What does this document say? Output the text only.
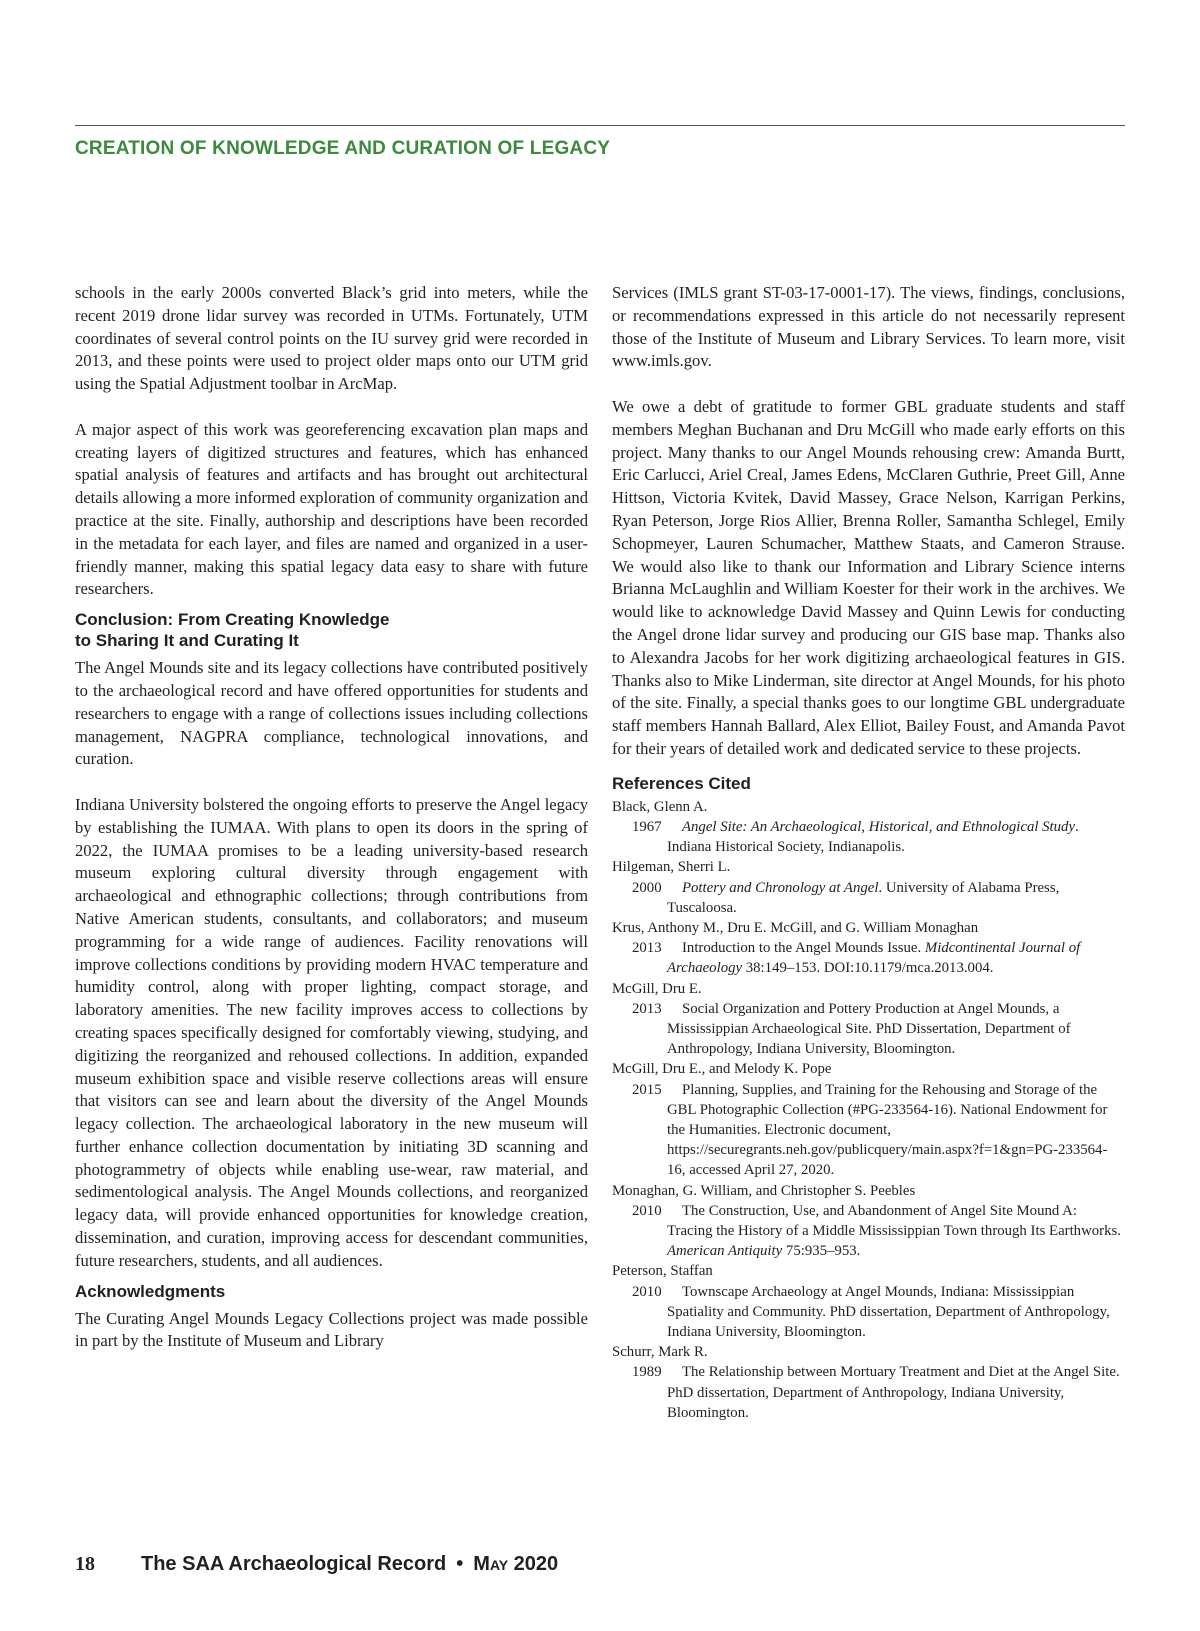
CREATION OF KNOWLEDGE AND CURATION OF LEGACY

schools in the early 2000s converted Black’s grid into meters, while the recent 2019 drone lidar survey was recorded in UTMs. Fortunately, UTM coordinates of several control points on the IU survey grid were recorded in 2013, and these points were used to project older maps onto our UTM grid using the Spatial Adjustment toolbar in ArcMap.

A major aspect of this work was georeferencing excavation plan maps and creating layers of digitized structures and features, which has enhanced spatial analysis of features and artifacts and has brought out architectural details allowing a more informed exploration of community organization and practice at the site. Finally, authorship and descriptions have been recorded in the metadata for each layer, and files are named and organized in a user-friendly manner, making this spatial legacy data easy to share with future researchers.

Conclusion: From Creating Knowledge
to Sharing It and Curating It

The Angel Mounds site and its legacy collections have contributed positively to the archaeological record and have offered opportunities for students and researchers to engage with a range of collections issues including collections management, NAGPRA compliance, technological innovations, and curation.

Indiana University bolstered the ongoing efforts to preserve the Angel legacy by establishing the IUMAA. With plans to open its doors in the spring of 2022, the IUMAA promises to be a leading university-based research museum exploring cultural diversity through engagement with archaeological and ethnographic collections; through contributions from Native American students, consultants, and collaborators; and museum programming for a wide range of audiences. Facility renovations will improve collections conditions by providing modern HVAC temperature and humidity control, along with proper lighting, compact storage, and laboratory amenities. The new facility improves access to collections by creating spaces specifically designed for comfortably viewing, studying, and digitizing the reorganized and rehoused collections. In addition, expanded museum exhibition space and visible reserve collections areas will ensure that visitors can see and learn about the diversity of the Angel Mounds legacy collection. The archaeological laboratory in the new museum will further enhance collection documentation by initiating 3D scanning and photogrammetry of objects while enabling use-wear, raw material, and sedimentological analysis. The Angel Mounds collections, and reorganized legacy data, will provide enhanced opportunities for knowledge creation, dissemination, and curation, improving access for descendant communities, future researchers, students, and all audiences.

Acknowledgments

The Curating Angel Mounds Legacy Collections project was made possible in part by the Institute of Museum and Library

Services (IMLS grant ST-03-17-0001-17). The views, findings, conclusions, or recommendations expressed in this article do not necessarily represent those of the Institute of Museum and Library Services. To learn more, visit www.imls.gov.

We owe a debt of gratitude to former GBL graduate students and staff members Meghan Buchanan and Dru McGill who made early efforts on this project. Many thanks to our Angel Mounds rehousing crew: Amanda Burtt, Eric Carlucci, Ariel Creal, James Edens, McClaren Guthrie, Preet Gill, Anne Hittson, Victoria Kvitek, David Massey, Grace Nelson, Karrigan Perkins, Ryan Peterson, Jorge Rios Allier, Brenna Roller, Samantha Schlegel, Emily Schopmeyer, Lauren Schumacher, Matthew Staats, and Cameron Strause. We would also like to thank our Information and Library Science interns Brianna McLaughlin and William Koester for their work in the archives. We would like to acknowledge David Massey and Quinn Lewis for conducting the Angel drone lidar survey and producing our GIS base map. Thanks also to Alexandra Jacobs for her work digitizing archaeological features in GIS. Thanks also to Mike Linderman, site director at Angel Mounds, for his photo of the site. Finally, a special thanks goes to our longtime GBL undergraduate staff members Hannah Ballard, Alex Elliot, Bailey Foust, and Amanda Pavot for their years of detailed work and dedicated service to these projects.

References Cited
Black, Glenn A.
1967 Angel Site: An Archaeological, Historical, and Ethnological Study. Indiana Historical Society, Indianapolis.
Hilgeman, Sherri L.
2000 Pottery and Chronology at Angel. University of Alabama Press, Tuscaloosa.
Krus, Anthony M., Dru E. McGill, and G. William Monaghan
2013 Introduction to the Angel Mounds Issue. Midcontinental Journal of Archaeology 38:149–153. DOI:10.1179/mca.2013.004.
McGill, Dru E.
2013 Social Organization and Pottery Production at Angel Mounds, a Mississippian Archaeological Site. PhD Dissertation, Department of Anthropology, Indiana University, Bloomington.
McGill, Dru E., and Melody K. Pope
2015 Planning, Supplies, and Training for the Rehousing and Storage of the GBL Photographic Collection (#PG-233564-16). National Endowment for the Humanities. Electronic document, https://securegrants.neh.gov/publicquery/main.aspx?f=1&gn=PG-233564-16, accessed April 27, 2020.
Monaghan, G. William, and Christopher S. Peebles
2010 The Construction, Use, and Abandonment of Angel Site Mound A: Tracing the History of a Middle Mississippian Town through Its Earthworks. American Antiquity 75:935–953.
Peterson, Staffan
2010 Townscape Archaeology at Angel Mounds, Indiana: Mississippian Spatiality and Community. PhD dissertation, Department of Anthropology, Indiana University, Bloomington.
Schurr, Mark R.
1989 The Relationship between Mortuary Treatment and Diet at the Angel Site. PhD dissertation, Department of Anthropology, Indiana University, Bloomington.
18 The SAA Archaeological Record • May 2020
